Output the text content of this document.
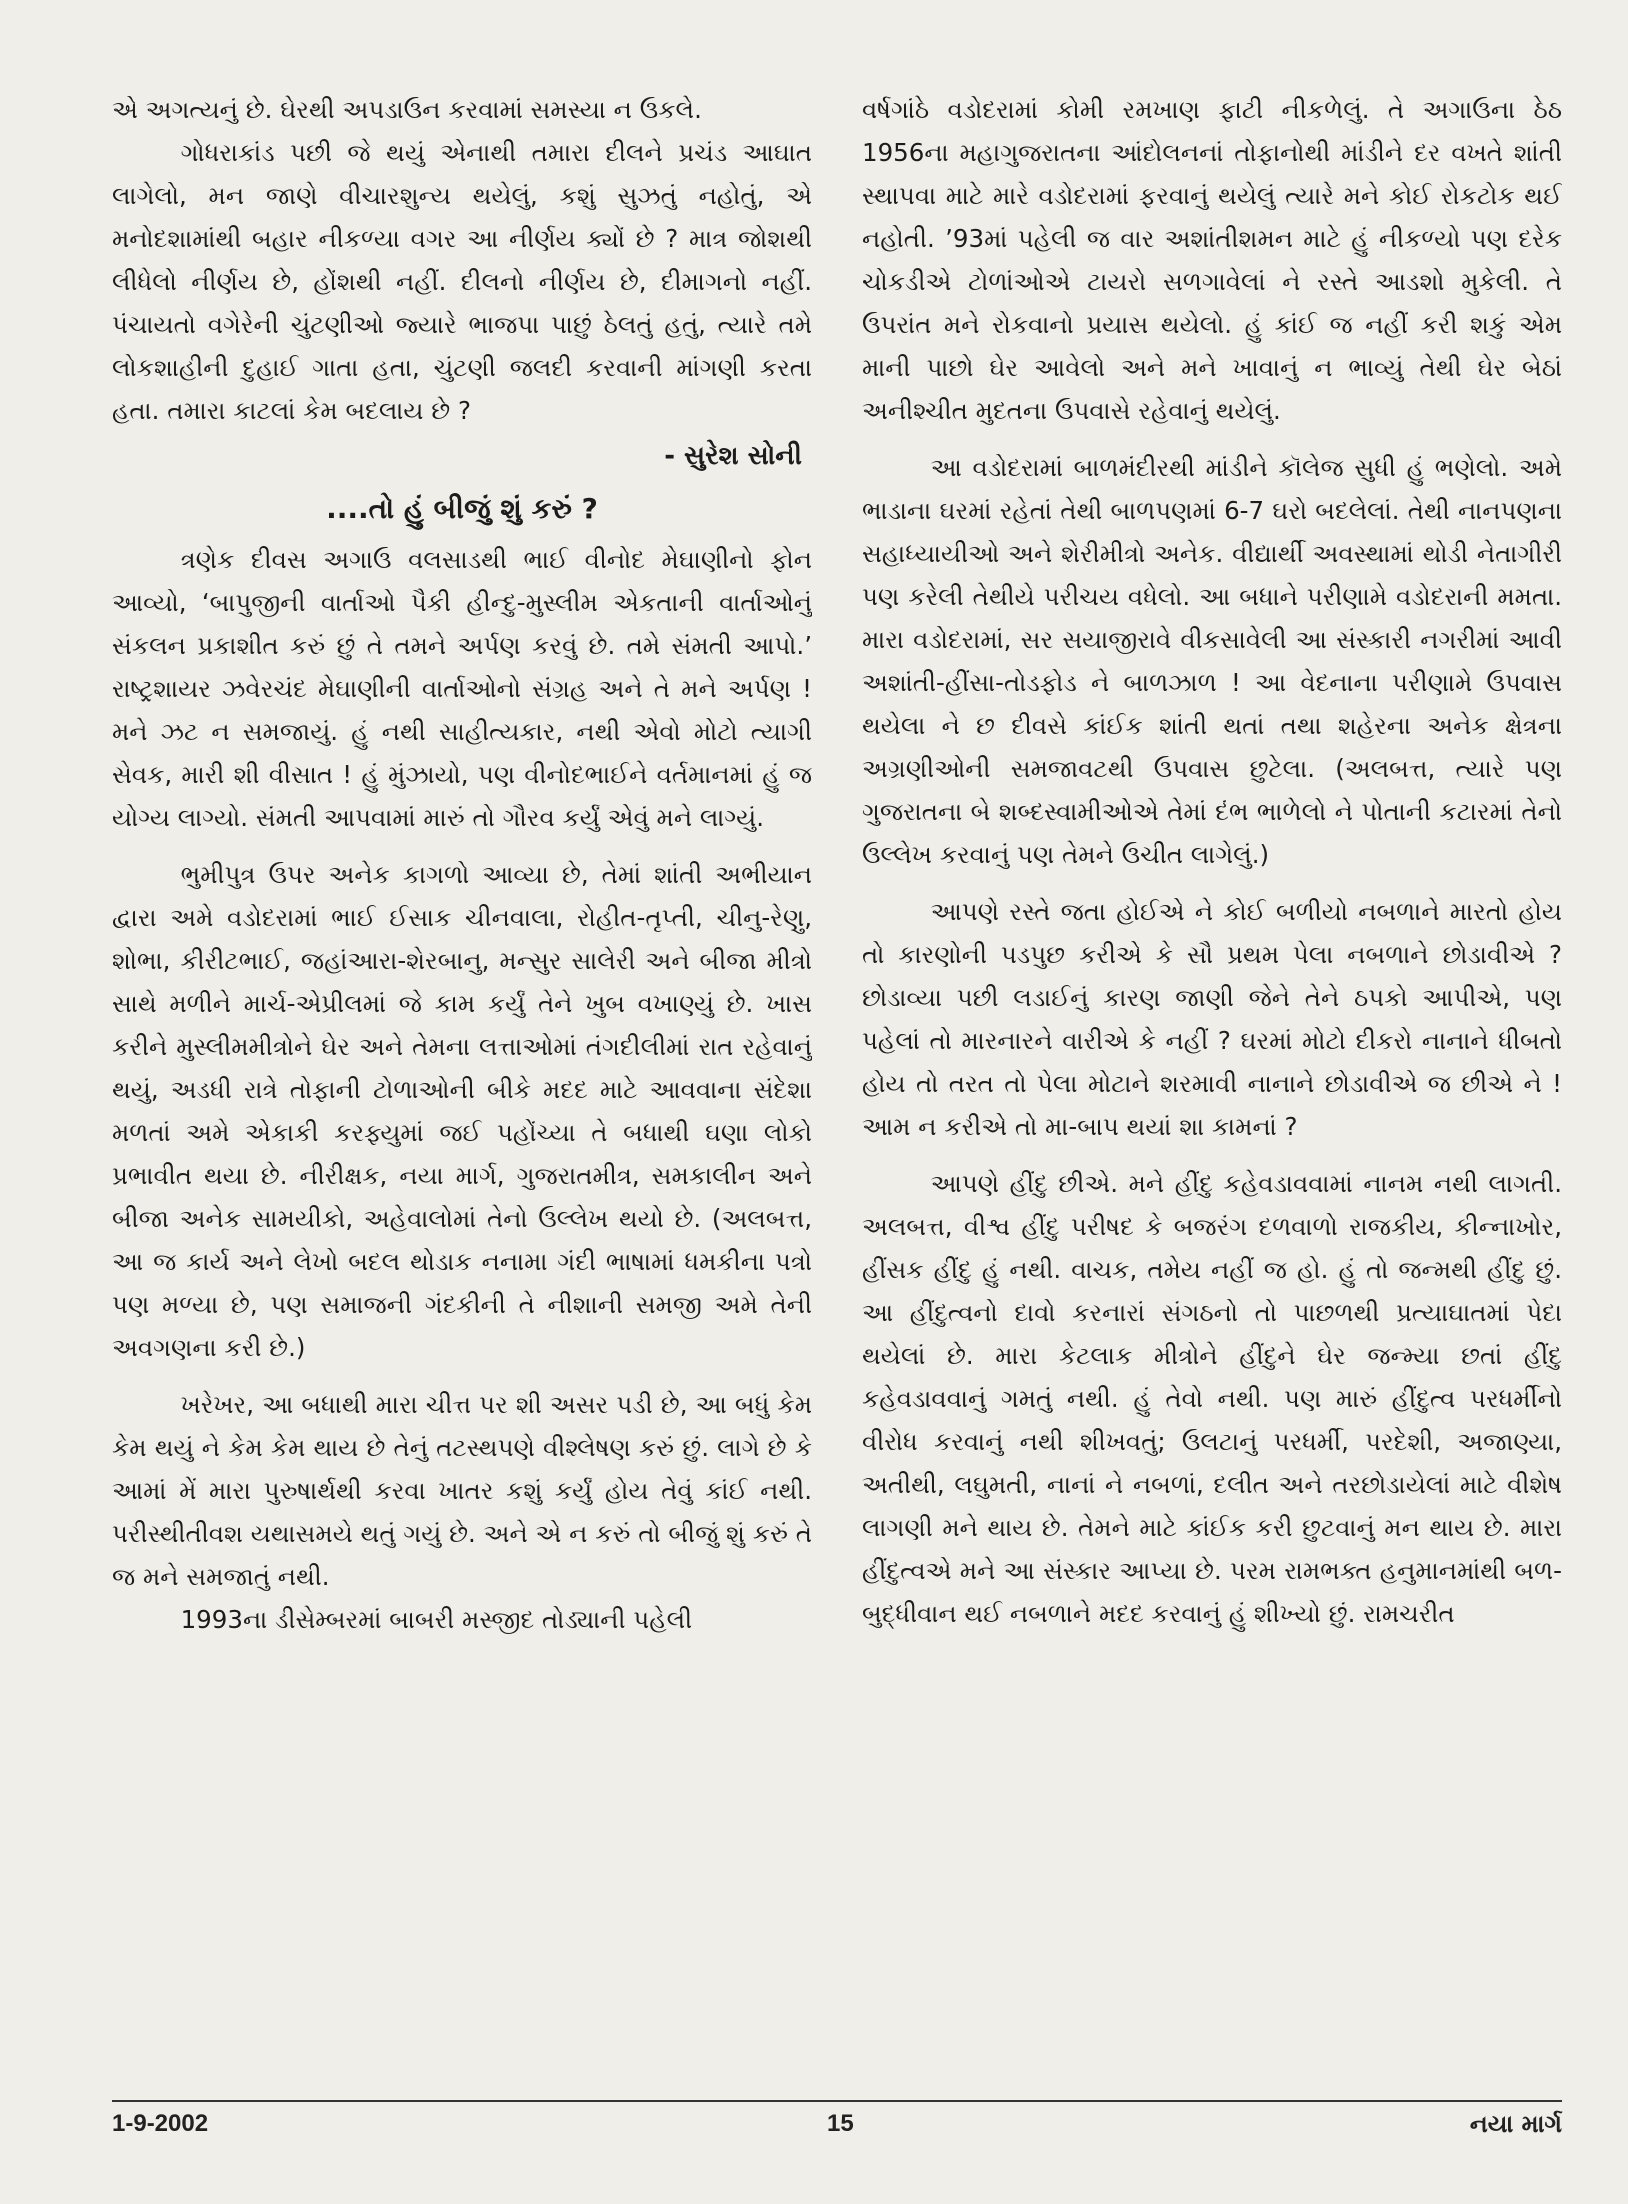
એ અગત્યનું છે. ઘેરથી અપડાઉન કરવામાં સમસ્યા ન ઉકલે.

ગોધરાકાંડ પછી જે થયું એનાથી તમારા દીલને પ્રચંડ આઘાત લાગેલો, મન જાણે વીચારશુન્ય થયેલું, કશું સુઝતું નહોતું, એ મનોદશામાંથી બહાર નીકળ્યા વગર આ નીર્ણય ક્યોં છે ? માત્ર જોશથી લીધેલો નીર્ણય છે, હોંશથી નહીં. દીલનો નીર્ણય છે, દીમાગનો નહીં. પંચાયતો વગેરેની ચુંટણીઓ જ્યારે ભાજપા પાછું ઠેલતું હતું, ત્યારે તમે લોકશાહીની દુહાઈ ગાતા હતા, ચુંટણી જલદી કરવાની માંગણી કરતા હતા. તમારા કાટલાં કેમ બદલાય છે ?

- સુરેશ સોની

....તો હું બીજું શું કરું ?

ત્રણેક દીવસ અગાઉ વલસાડથી ભાઈ વીનોદ મેઘાણીનો ફોન આવ્યો, ‘બાપુજીની વાર્તાઓ પૈકી હીન્દુ-મુસ્લીમ એકતાની વાર્તાઓનું સંકલન પ્રકાશીત કરું છું તે તમને અર્પણ કરવું છે. તમે સંમતી આપો.’ રાષ્ટ્રશાયર ઝવેરચંદ મેઘાણીની વાર્તાઓનો સંગ્રહ અને તે મને અર્પણ ! મને ઝટ ન સમજાયું. હું નથી સાહીત્યકાર, નથી એવો મોટો ત્યાગી સેવક, મારી શી વીસાત ! હું મુંઝાયો, પણ વીનોદભાઈને વર્તમાનમાં હું જ યોગ્ય લાગ્યો. સંમતી આપવામાં મારું તો ગૌરવ કર્યું એવું મને લાગ્યું.

ભુમીપુત્ર ઉપર અનેક કાગળો આવ્યા છે, તેમાં શાંતી અભીયાન દ્વારા અમે વડોદરામાં ભાઈ ઈસાક ચીનવાલા, રોહીત-તૃપ્તી, ચીનુ-રેણુ, શોભા, કીરીટભાઈ, જહાંઆરા-શેરબાનુ, મન્સુર સાલેરી અને બીજા મીત્રો સાથે મળીને માર્ચ-એપ્રીલમાં જે કામ કર્યું તેને ખુબ વખાણ્યું છે. ખાસ કરીને મુસ્લીમમીત્રોને ઘેર અને તેમના લત્તાઓમાં તંગદીલીમાં રાત રહેવાનું થયું, અડધી રાત્રે તોફાની ટોળાઓની બીકે મદદ માટે આવવાના સંદેશા મળતાં અમે એકાકી કરફ્યુમાં જઈ પહોંચ્યા તે બધાથી ઘણા લોકો પ્રભાવીત થયા છે. નીરીક્ષક, નયા માર્ગ, ગુજરાતમીત્ર, સમકાલીન અને બીજા અનેક સામયીકો, અહેવાલોમાં તેનો ઉલ્લેખ થયો છે. (અલબત્ત, આ જ કાર્ય અને લેખો બદલ થોડાક નનામા ગંદી ભાષામાં ધમકીના પત્રો પણ મળ્યા છે, પણ સમાજની ગંદકીની તે નીશાની સમજી અમે તેની અવગણના કરી છે.)

ખરેખર, આ બધાથી મારા ચીત્ત પર શી અસર પડી છે, આ બધું કેમ કેમ થયું ને કેમ કેમ થાય છે તેનું તટસ્થપણે વીશ્લેષણ કરું છું. લાગે છે કે આમાં મેં મારા પુરુષાર્થથી કરવા ખાતર કશું કર્યું હોય તેવું કાંઈ નથી. પરીસ્થીતીવશ યથાસમયે થતું ગયું છે. અને એ ન કરું તો બીજું શું કરું તે જ મને સમજાતું નથી.

1993ના ડીસેમ્બરમાં બાબરી મસ્જીદ તોડ્યાની પહેલી

વર્ષગાંઠે વડોદરામાં કોમી રમખાણ ફાટી નીકળેલું. તે અગાઉના ઠેઠ 1956ના મહાગુજરાતના આંદોલનનાં તોફાનોથી માંડીને દર વખતે શાંતી સ્થાપવા માટે મારે વડોદરામાં ફરવાનું થયેલું ત્યારે મને કોઈ રોકટોક થઈ નહોતી. ’93માં પહેલી જ વાર અશાંતીશમન માટે હું નીકળ્યો પણ દરેક ચોકડીએ ટોળાંઓએ ટાયરો સળગાવેલાં ને રસ્તે આડશો મુકેલી. તે ઉપરાંત મને રોકવાનો પ્રયાસ થયેલો. હું કાંઈ જ નહીં કરી શકું એમ માની પાછો ઘેર આવેલો અને મને ખાવાનું ન ભાવ્યું તેથી ઘેર બેઠાં અનીશ્ચીત મુદતના ઉપવાસે રહેવાનું થયેલું.

આ વડોદરામાં બાળમંદીરથી માંડીને કૉલેજ સુધી હું ભણેલો. અમે ભાડાના ઘરમાં રહેતાં તેથી બાળપણમાં 6-7 ઘરો બદલેલાં. તેથી નાનપણના સહાધ્યાયીઓ અને શેરીમીત્રો અનેક. વીદ્યાર્થી અવસ્થામાં થોડી નેતાગીરી પણ કરેલી તેથીયે પરીચય વધેલો. આ બધાને પરીણામે વડોદરાની મમતા. મારા વડોદરામાં, સર સયાજીરાવે વીકસાવેલી આ સંસ્કારી નગરીમાં આવી અશાંતી-હીંસા-તોડફોડ ને બાળઝાળ ! આ વેદનાના પરીણામે ઉપવાસ થયેલા ને છ દીવસે કાંઈક શાંતી થતાં તથા શહેરના અનેક ક્ષેત્રના અગ્રણીઓની સમજાવટથી ઉપવાસ છુટેલા. (અલબત્ત, ત્યારે પણ ગુજરાતના બે શબ્દસ્વામીઓએ તેમાં દંભ ભાળેલો ને પોતાની કટારમાં તેનો ઉલ્લેખ કરવાનું પણ તેમને ઉચીત લાગેલું.)

આપણે રસ્તે જતા હોઈએ ને કોઈ બળીયો નબળાને મારતો હોય તો કારણોની પડપુછ કરીએ કે સૌ પ્રથમ પેલા નબળાને છોડાવીએ ? છોડાવ્યા પછી લડાઈનું કારણ જાણી જેને તેને ઠપકો આપીએ, પણ પહેલાં તો મારનારને વારીએ કે નહીં ? ઘરમાં મોટો દીકરો નાનાને ધીબતો હોય તો તરત તો પેલા મોટાને શરમાવી નાનાને છોડાવીએ જ છીએ ને ! આમ ન કરીએ તો મા-બાપ થયાં શા કામનાં ?

આપણે હીંદુ છીએ. મને હીંદુ કહેવડાવવામાં નાનમ નથી લાગતી. અલબત્ત, વીશ્વ હીંદુ પરીષદ કે બજરંગ દળવાળો રાજકીય, કીન્નાખોર, હીંસક હીંદુ હું નથી. વાચક, તમેય નહીં જ હો. હું તો જન્મથી હીંદુ છું. આ હીંદુત્વનો દાવો કરનારાં સંગઠનો તો પાછળથી પ્રત્યાઘાતમાં પેદા થયેલાં છે. મારા કેટલાક મીત્રોને હીંદુને ઘેર જન્મ્યા છતાં હીંદુ કહેવડાવવાનું ગમતું નથી. હું તેવો નથી. પણ મારું હીંદુત્વ પરધર્મીનો વીરોધ કરવાનું નથી શીખવતું; ઉલટાનું પરધર્મી, પરદેશી, અજાણ્યા, અતીથી, લઘુમતી, નાનાં ને નબળાં, દલીત અને તરછોડાયેલાં માટે વીશેષ લાગણી મને થાય છે. તેમને માટે કાંઈક કરી છુટવાનું મન થાય છે. મારા હીંદુત્વએ મને આ સંસ્કાર આપ્યા છે. પરમ રામભક્ત હનુમાનમાંથી બળ-બુદ્ધીવાન થઈ નબળાને મદદ કરવાનું હું શીખ્યો છું. રામચરીત

1-9-2002	15	નયા માર્ગ
